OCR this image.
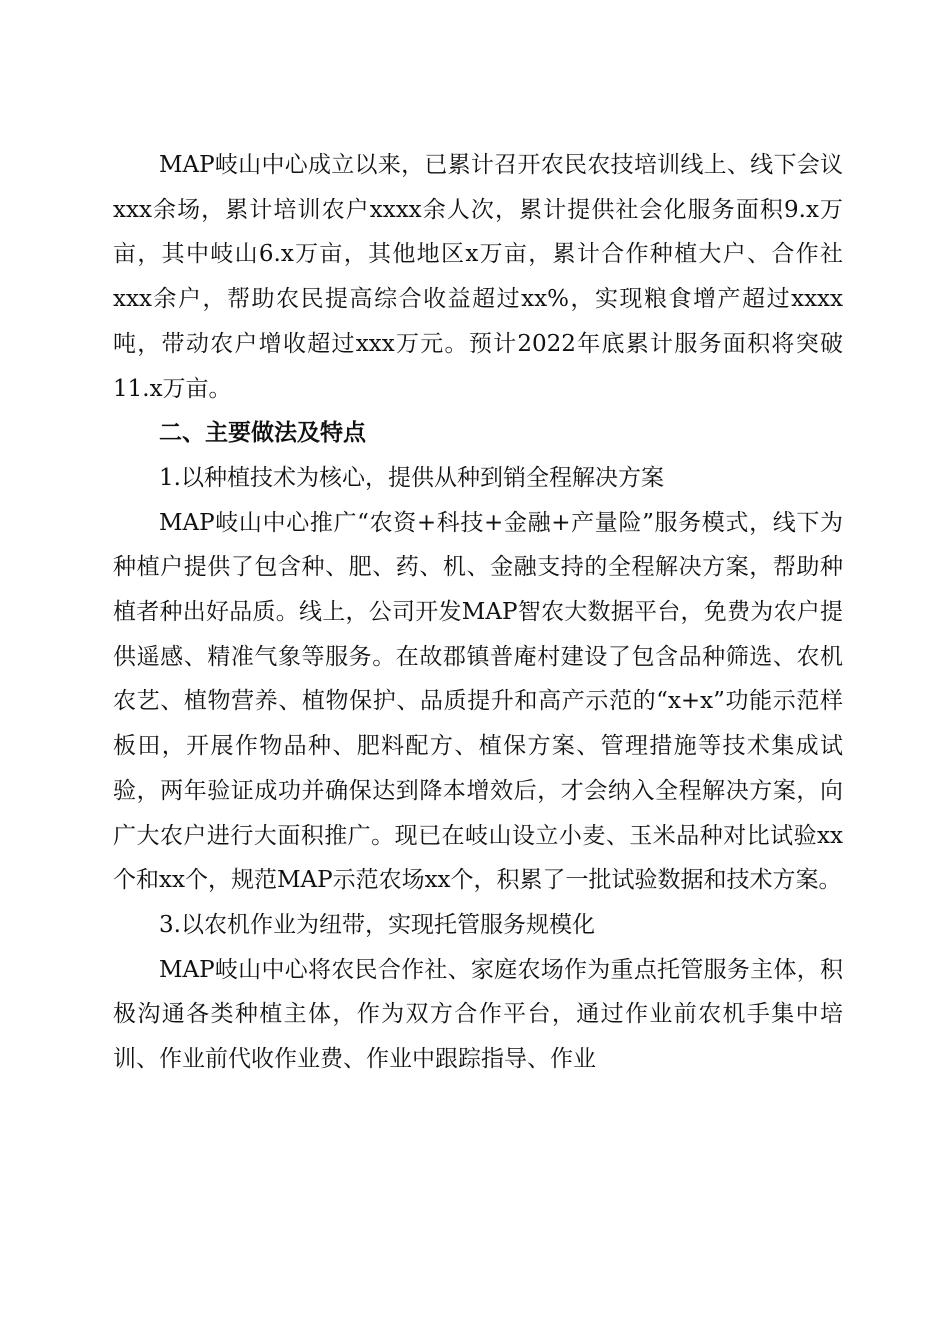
MAP岐山中心成立以来，已累计召开农民农技培训线上、线下会议xxx余场，累计培训农户xxxx余人次，累计提供社会化服务面积9.x万亩，其中岐山6.x万亩，其他地区x万亩，累计合作种植大户、合作社xxx余户，帮助农民提高综合收益超过xx%，实现粮食增产超过xxxx吨，带动农户增收超过xxx万元。预计2022年底累计服务面积将突破11.x万亩。

二、主要做法及特点

1.以种植技术为核心，提供从种到销全程解决方案

MAP岐山中心推广“农资+科技+金融+产量险”服务模式，线下为种植户提供了包含种、肥、药、机、金融支持的全程解决方案，帮助种植者种出好品质。线上，公司开发MAP智农大数据平台，免费为农户提供遥感、精准气象等服务。在故郡镇普庵村建设了包含品种筛选、农机农艺、植物营养、植物保护、品质提升和高产示范的“x+x”功能示范样板田，开展作物品种、肥料配方、植保方案、管理措施等技术集成试验，两年验证成功并确保达到降本增效后，才会纳入全程解决方案，向广大农户进行大面积推广。现已在岐山设立小麦、玉米品种对比试验xx个和xx个，规范MAP示范农场xx个，积累了一批试验数据和技术方案。

3.以农机作业为纽带，实现托管服务规模化

MAP岐山中心将农民合作社、家庭农场作为重点托管服务主体，积极沟通各类种植主体，作为双方合作平台，通过作业前农机手集中培训、作业前代收作业费、作业中跟踪指导、作业
